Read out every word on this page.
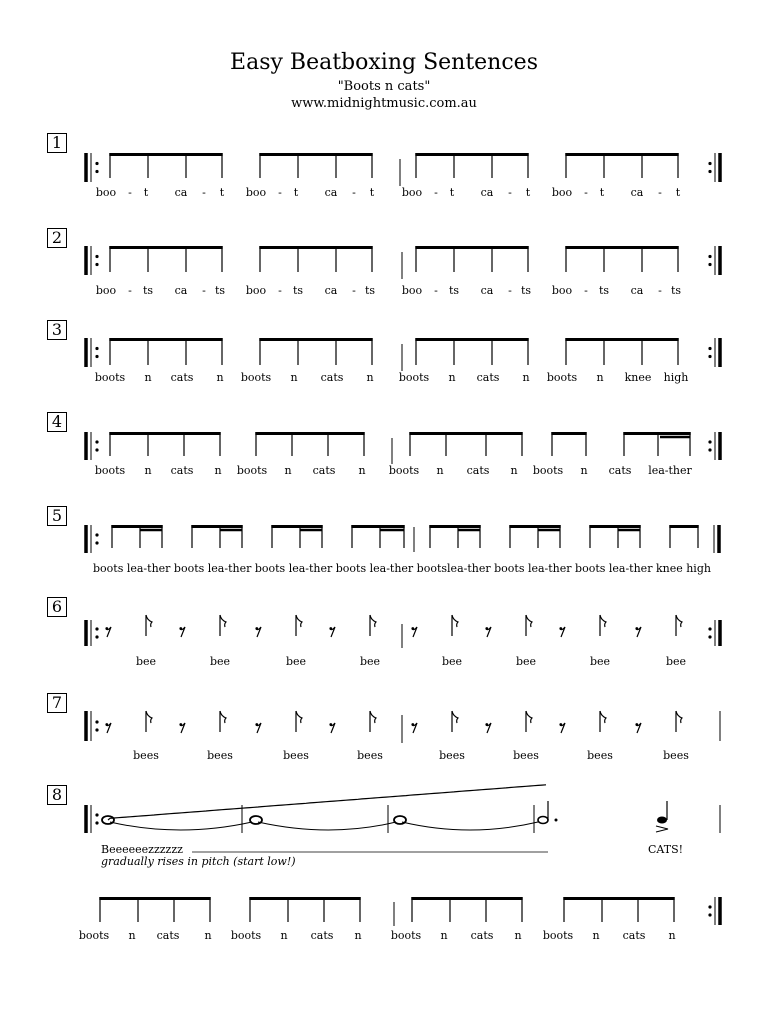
Easy Beatboxing Sentences
"Boots n cats"
www.midnightmusic.com.au
1
2
3
4
5
6
7
8
boo - t ca - t boo - t ca - t	boo - t ca - t boo - t ca - t
boo - ts ca - ts boo - ts ca - ts boo - ts ca - ts boo - ts ca - ts
boots n cats n boots n cats n boots n cats n boots n knee high
boots n cats n boots n cats n boots n cats n boots n cats lea-ther
bee	bee	bee	bee	bee	bee	bee	bee
bees	bees	bees	bees	bees	bees	bees	bees
boots n cats n boots n cats n	boots n cats n boots n cats n
boots lea-ther boots lea-ther boots lea-ther boots lea-ther bootslea-ther boots lea-ther boots lea-ther knee high
Beeeeeezzzzzz
gradually rises in pitch (start low!)
CATS!
